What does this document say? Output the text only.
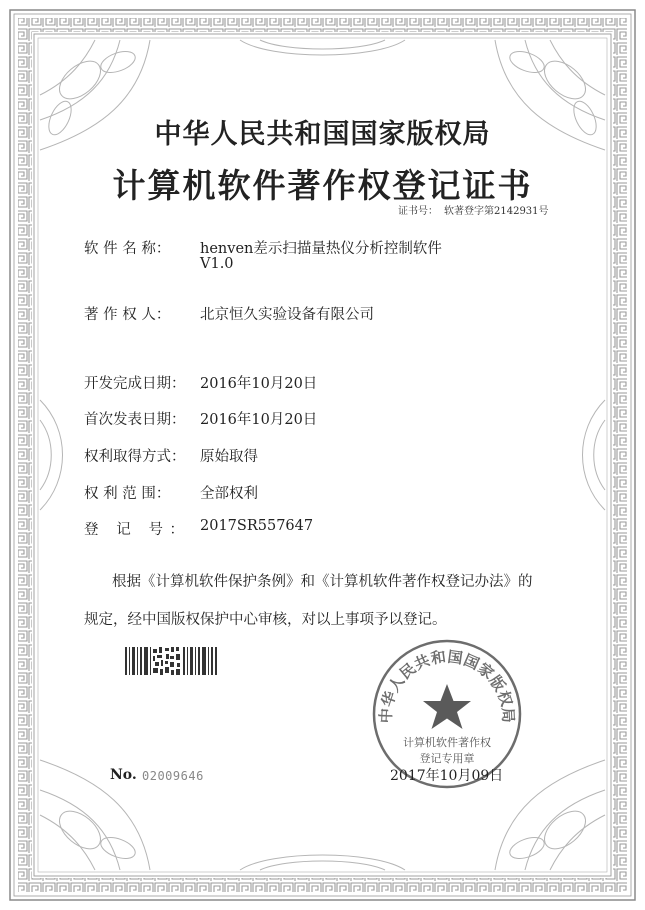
中华人民共和国国家版权局
计算机软件著作权登记证书
证书号： 软著登字第2142931号
软 件 名 称： henven差示扫描量热仪分析控制软件
V1.0
著 作 权 人： 北京恒久实验设备有限公司
开发完成日期： 2016年10月20日
首次发表日期： 2016年10月20日
权利取得方式： 原始取得
权 利 范 围： 全部权利
登 记 号： 2017SR557647
根据《计算机软件保护条例》和《计算机软件著作权登记办法》的
规定，经中国版权保护中心审核，对以上事项予以登记。
中华人民共和国国家版权局
计算机软件著作权
登记专用章
No. 02009646	2017年10月09日
